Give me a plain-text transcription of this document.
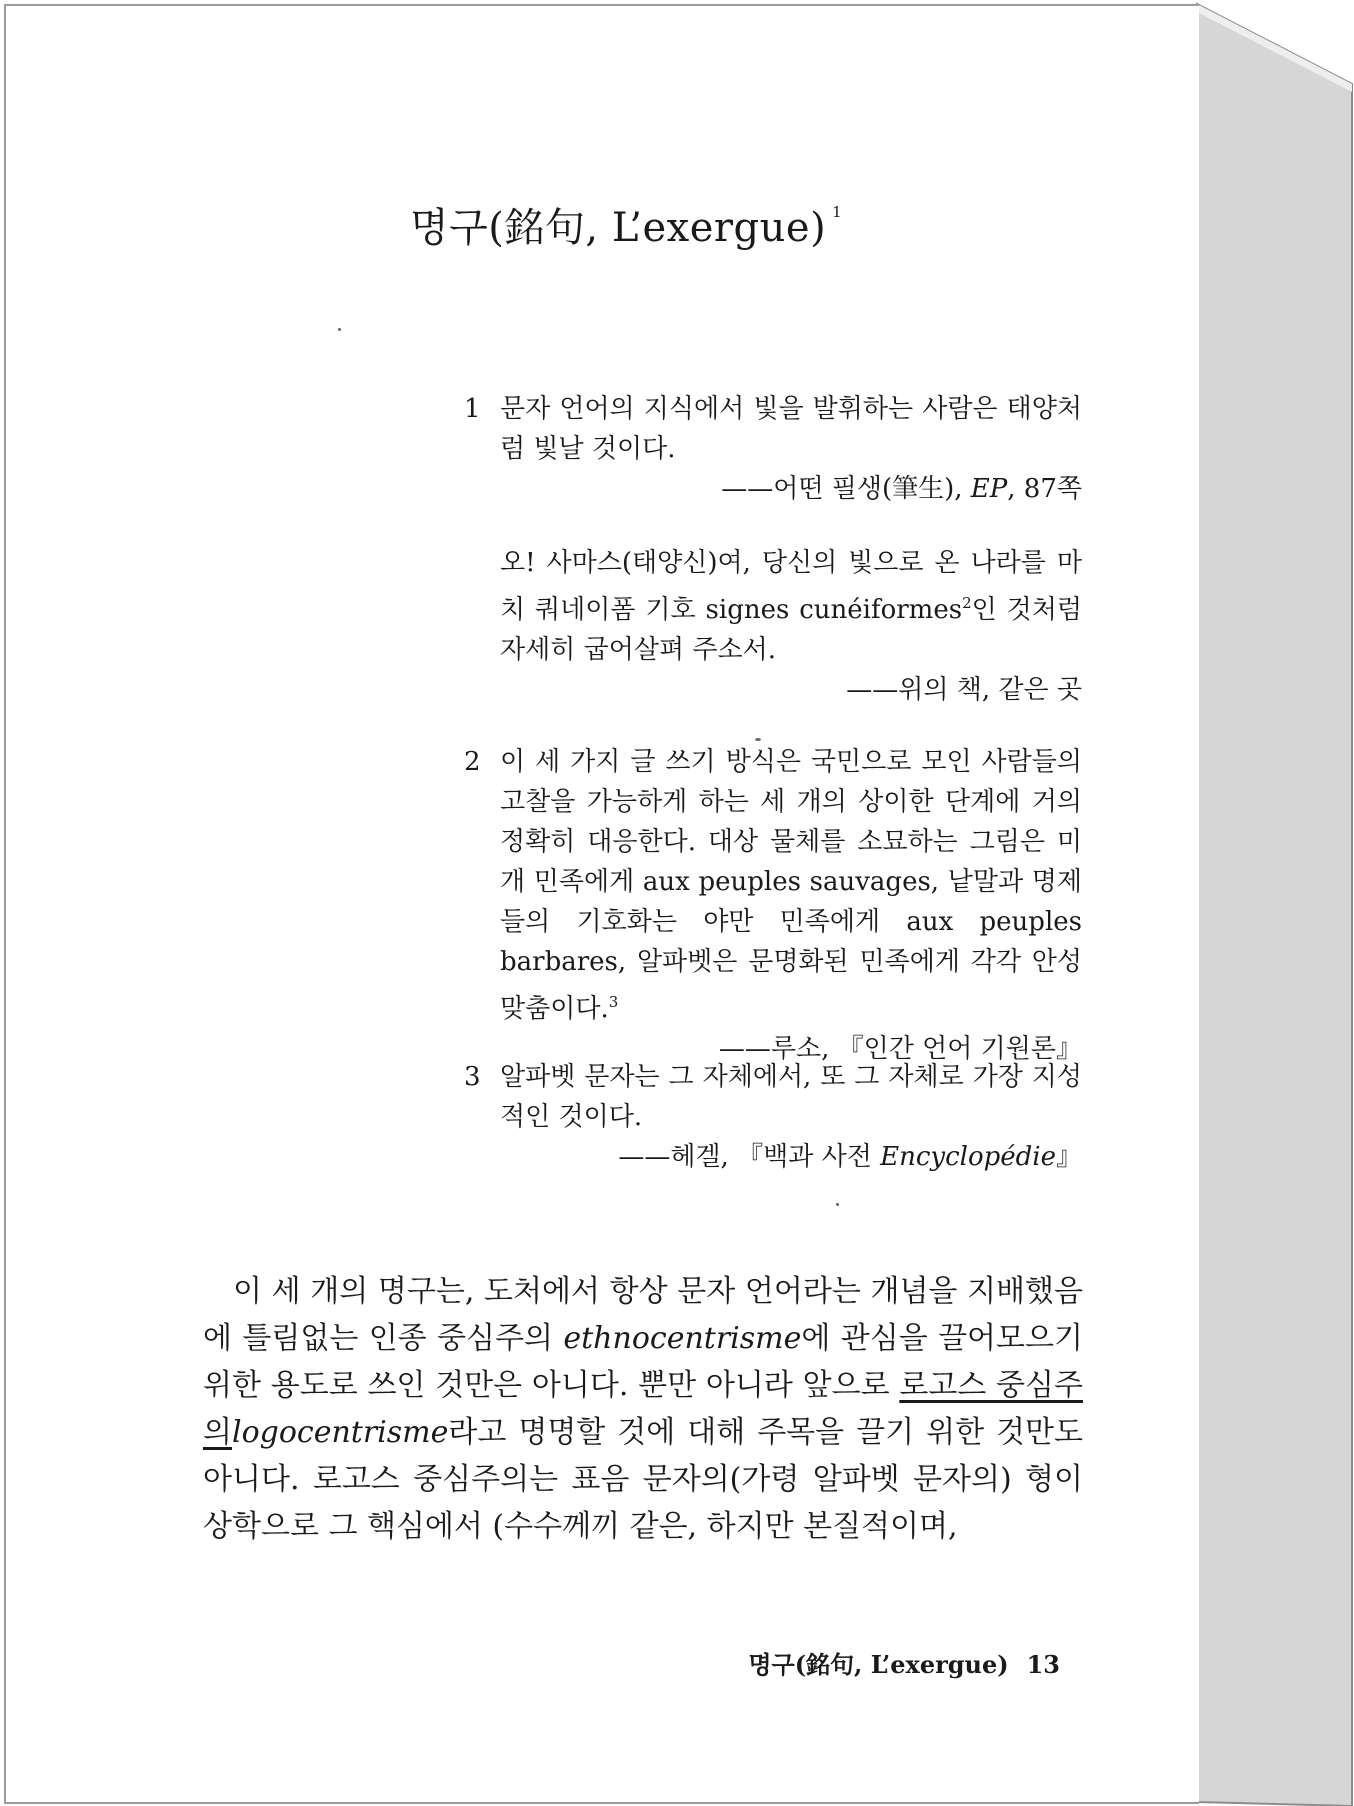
명구(銘句, L’exergue) $^1$
1 문자 언어의 지식에서 빛을 발휘하는 사람은 태양처럼 빛날 것이다.
——어떤 필생(筆生), EP, 87쪽
오! 사마스(태양신)여, 당신의 빛으로 온 나라를 마치 쿼네이폼 기호 signes cunéiformes$^2$인 것처럼 자세히 굽어살펴 주소서.
——위의 책, 같은 곳
2 이 세 가지 글 쓰기 방식은 국민으로 모인 사람들의 고찰을 가능하게 하는 세 개의 상이한 단계에 거의 정확히 대응한다. 대상 물체를 소묘하는 그림은 미개 민족에게 aux peuples sauvages, 낱말과 명제들의 기호화는 야만 민족에게 aux peuples barbares, 알파벳은 문명화된 민족에게 각각 안성맞춤이다.$^3$
——루소, 『인간 언어 기원론』
3 알파벳 문자는 그 자체에서, 또 그 자체로 가장 지성적인 것이다.
——헤겔, 『백과 사전 Encyclopédie』
 이 세 개의 명구는, 도처에서 항상 문자 언어라는 개념을 지배했음에 틀림없는 인종 중심주의 ethnocentrisme에 관심을 끌어모으기 위한 용도로 쓰인 것만은 아니다. 뿐만 아니라 앞으로 로고스 중심주의logocentrisme라고 명명할 것에 대해 주목을 끌기 위한 것만도 아니다. 로고스 중심주의는 표음 문자의(가령 알파벳 문자의) 형이상학으로 그 핵심에서 (수수께끼 같은, 하지만 본질적이며,
명구(銘句, L’exergue) 13
